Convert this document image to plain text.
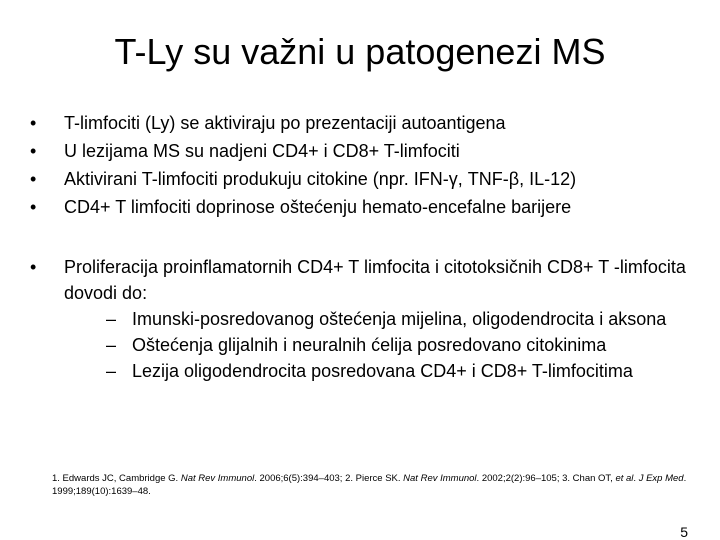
T-Ly su važni u patogenezi MS
•	T-limfociti (Ly) se aktiviraju po prezentaciji autoantigena
•	U lezijama MS su nadjeni CD4+ i CD8+ T-limfociti
•	Aktivirani T-limfociti produkuju citokine (npr. IFN-γ, TNF-β, IL-12)
•	CD4+ T limfociti doprinose oštećenju hemato-encefalne barijere
•	Proliferacija proinflamatornih CD4+ T limfocita i citotoksičnih CD8+ T -limfocita dovodi do:
– Imunski-posredovanog oštećenja mijelina, oligodendrocita i aksona
– Oštećenja glijalnih i neuralnih ćelija posredovano citokinima
– Lezija oligodendrocita posredovana CD4+ i CD8+ T-limfocitima
1. Edwards JC, Cambridge G. Nat Rev Immunol. 2006;6(5):394–403; 2. Pierce SK. Nat Rev Immunol. 2002;2(2):96–105; 3. Chan OT, et al. J Exp Med. 1999;189(10):1639–48.
5
